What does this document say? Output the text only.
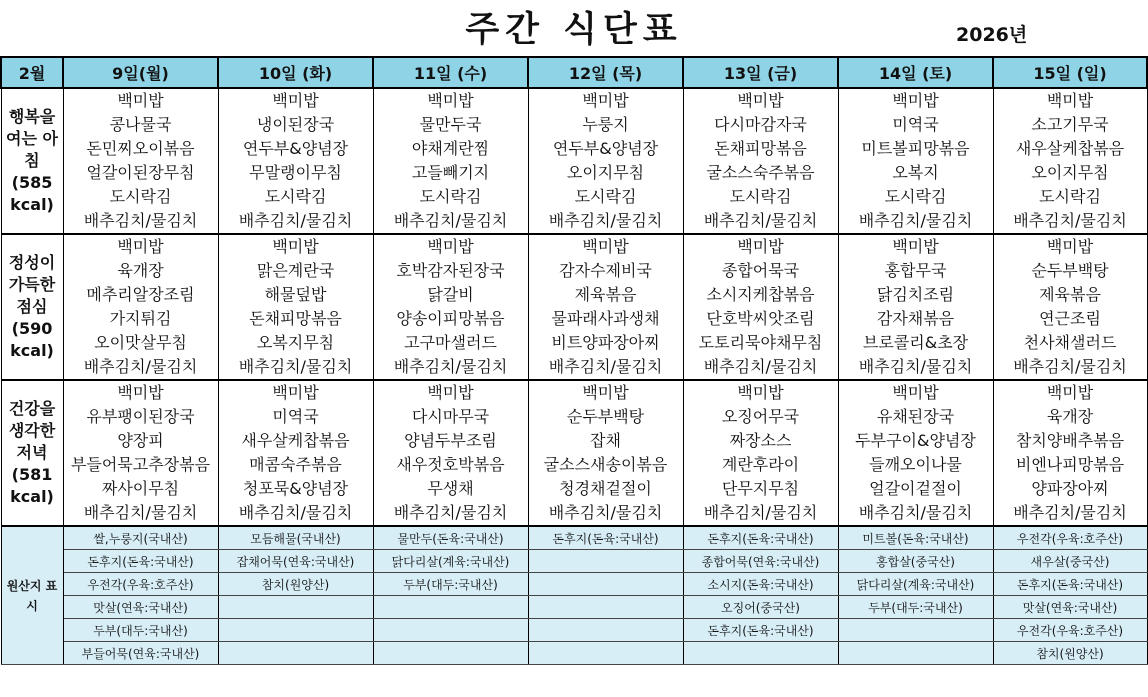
주간 식단표	2026년
2월	9일(월)	10일 (화)	11일 (수)	12일 (목)	13일 (금)	14일 (토)	15일 (일)
행복을 여는 아침 (585 kcal)	백미밥	백미밥	백미밥	백미밥	백미밥	백미밥	백미밥
	콩나물국	냉이된장국	물만두국	누룽지	다시마감자국	미역국	소고기무국
	돈민찌오이볶음	연두부&양념장	야채계란찜	연두부&양념장	돈채피망볶음	미트볼피망볶음	새우살케찹볶음
	얼갈이된장무침	무말랭이무침	고들빼기지	오이지무침	굴소스숙주볶음	오복지	오이지무침
	도시락김	도시락김	도시락김	도시락김	도시락김	도시락김	도시락김
	배추김치/물김치	배추김치/물김치	배추김치/물김치	배추김치/물김치	배추김치/물김치	배추김치/물김치	배추김치/물김치
정성이 가득한 점심 (590 kcal)	백미밥	백미밥	백미밥	백미밥	백미밥	백미밥	백미밥
	육개장	맑은계란국	호박감자된장국	감자수제비국	종합어묵국	홍합무국	순두부백탕
	메추리알장조림	해물덮밥	닭갈비	제육볶음	소시지케찹볶음	닭김치조림	제육볶음
	가지튀김	돈채피망볶음	양송이피망볶음	물파래사과생채	단호박씨앗조림	감자채볶음	연근조림
	오이맛살무침	오복지무침	고구마샐러드	비트양파장아찌	도토리묵야채무침	브로콜리&초장	천사채샐러드
	배추김치/물김치	배추김치/물김치	배추김치/물김치	배추김치/물김치	배추김치/물김치	배추김치/물김치	배추김치/물김치
건강을 생각한 저녁 (581 kcal)	백미밥	백미밥	백미밥	백미밥	백미밥	백미밥	백미밥
	유부팽이된장국	미역국	다시마무국	순두부백탕	오징어무국	유채된장국	육개장
	양장피	새우살케찹볶음	양념두부조림	잡채	짜장소스	두부구이&양념장	참치양배추볶음
	부들어묵고추장볶음	매콤숙주볶음	새우젓호박볶음	굴소스새송이볶음	계란후라이	들깨오이나물	비엔나피망볶음
	짜사이무침	청포묵&양념장	무생채	청경채겉절이	단무지무침	얼갈이겉절이	양파장아찌
	배추김치/물김치	배추김치/물김치	배추김치/물김치	배추김치/물김치	배추김치/물김치	배추김치/물김치	배추김치/물김치
원산지 표시	쌀,누룽지(국내산)	모듬해물(국내산)	물만두(돈육:국내산)	돈후지(돈육:국내산)	돈후지(돈육:국내산)	미트볼(돈육:국내산)	우전각(우육:호주산)
	돈후지(돈육:국내산)	잡채어묵(연육:국내산)	닭다리살(계육:국내산)		종합어묵(연육:국내산)	홍합살(중국산)	새우살(중국산)
	우전각(우육:호주산)	참치(원양산)	두부(대두:국내산)		소시지(돈육:국내산)	닭다리살(계육:국내산)	돈후지(돈육:국내산)
	맛살(연육:국내산)				오징어(중국산)	두부(대두:국내산)	맛살(연육:국내산)
	두부(대두:국내산)				돈후지(돈육:국내산)		우전각(우육:호주산)
	부들어묵(연육:국내산)						참치(원양산)
